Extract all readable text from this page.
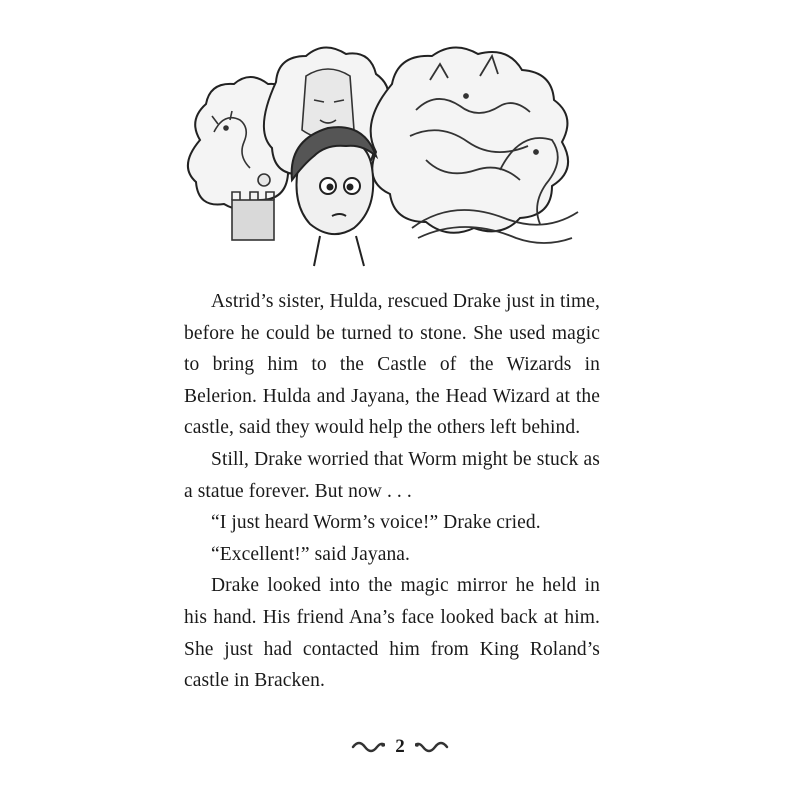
Astrid’s sister, Hulda, rescued Drake just in time, before he could be turned to stone. She used magic to bring him to the Castle of the Wizards in Belerion. Hulda and Jayana, the Head Wizard at the castle, said they would help the others left behind.

Still, Drake worried that Worm might be stuck as a statue forever. But now . . .

“I just heard Worm’s voice!” Drake cried.

“Excellent!” said Jayana.

Drake looked into the magic mirror he held in his hand. His friend Ana’s face looked back at him. She just had contacted him from King Roland’s castle in Bracken.

2
